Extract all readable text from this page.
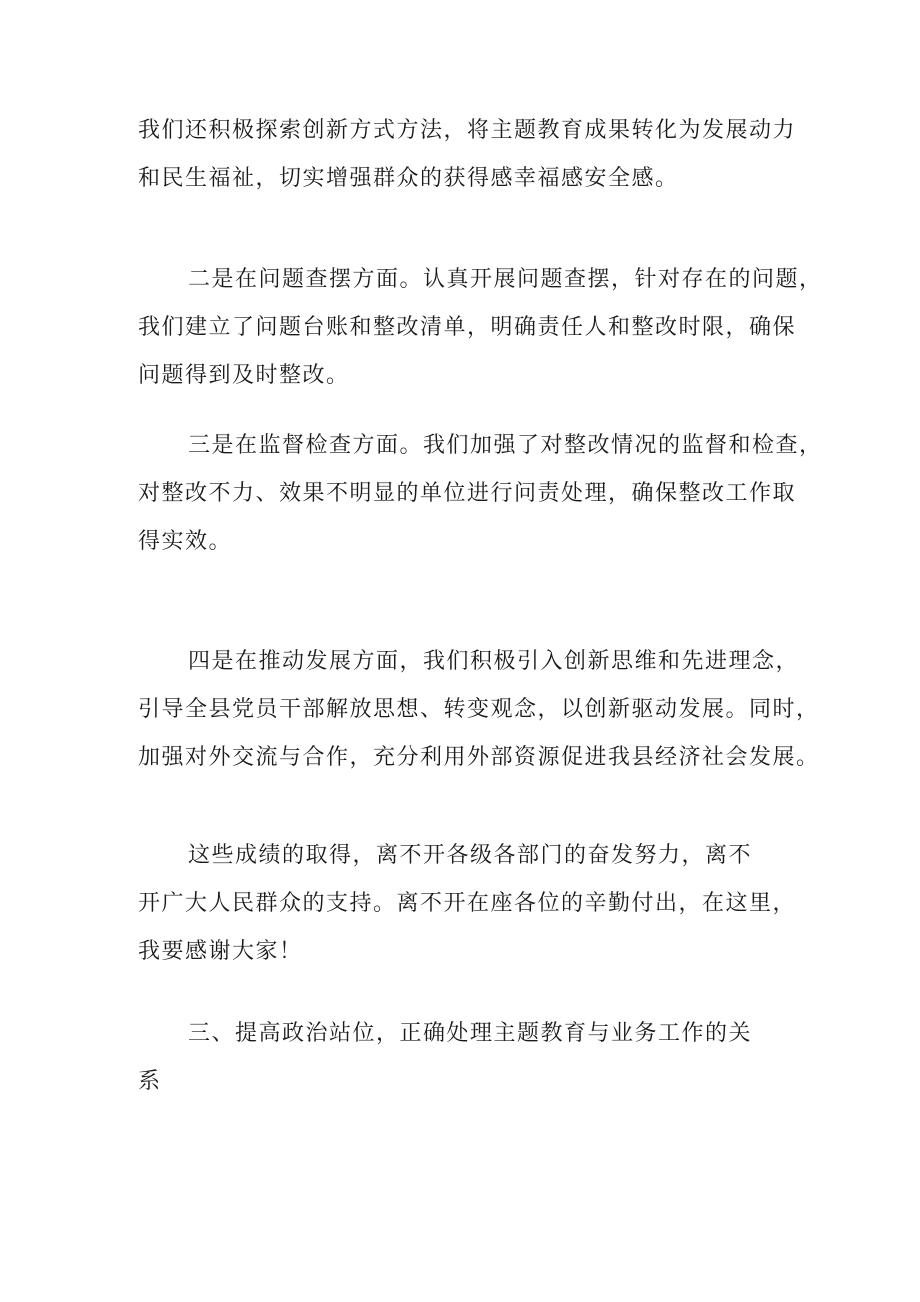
我们还积极探索创新方式方法，将主题教育成果转化为发展动力
和民生福祉，切实增强群众的获得感幸福感安全感。

二是在问题查摆方面。认真开展问题查摆，针对存在的问题，
我们建立了问题台账和整改清单，明确责任人和整改时限，确保
问题得到及时整改。

三是在监督检查方面。我们加强了对整改情况的监督和检查，
对整改不力、效果不明显的单位进行问责处理，确保整改工作取
得实效。

四是在推动发展方面，我们积极引入创新思维和先进理念，
引导全县党员干部解放思想、转变观念，以创新驱动发展。同时，
加强对外交流与合作，充分利用外部资源促进我县经济社会发展。

这些成绩的取得，离不开各级各部门的奋发努力，离不
开广大人民群众的支持。离不开在座各位的辛勤付出，在这里，
我要感谢大家！

三、提高政治站位，正确处理主题教育与业务工作的关
系
